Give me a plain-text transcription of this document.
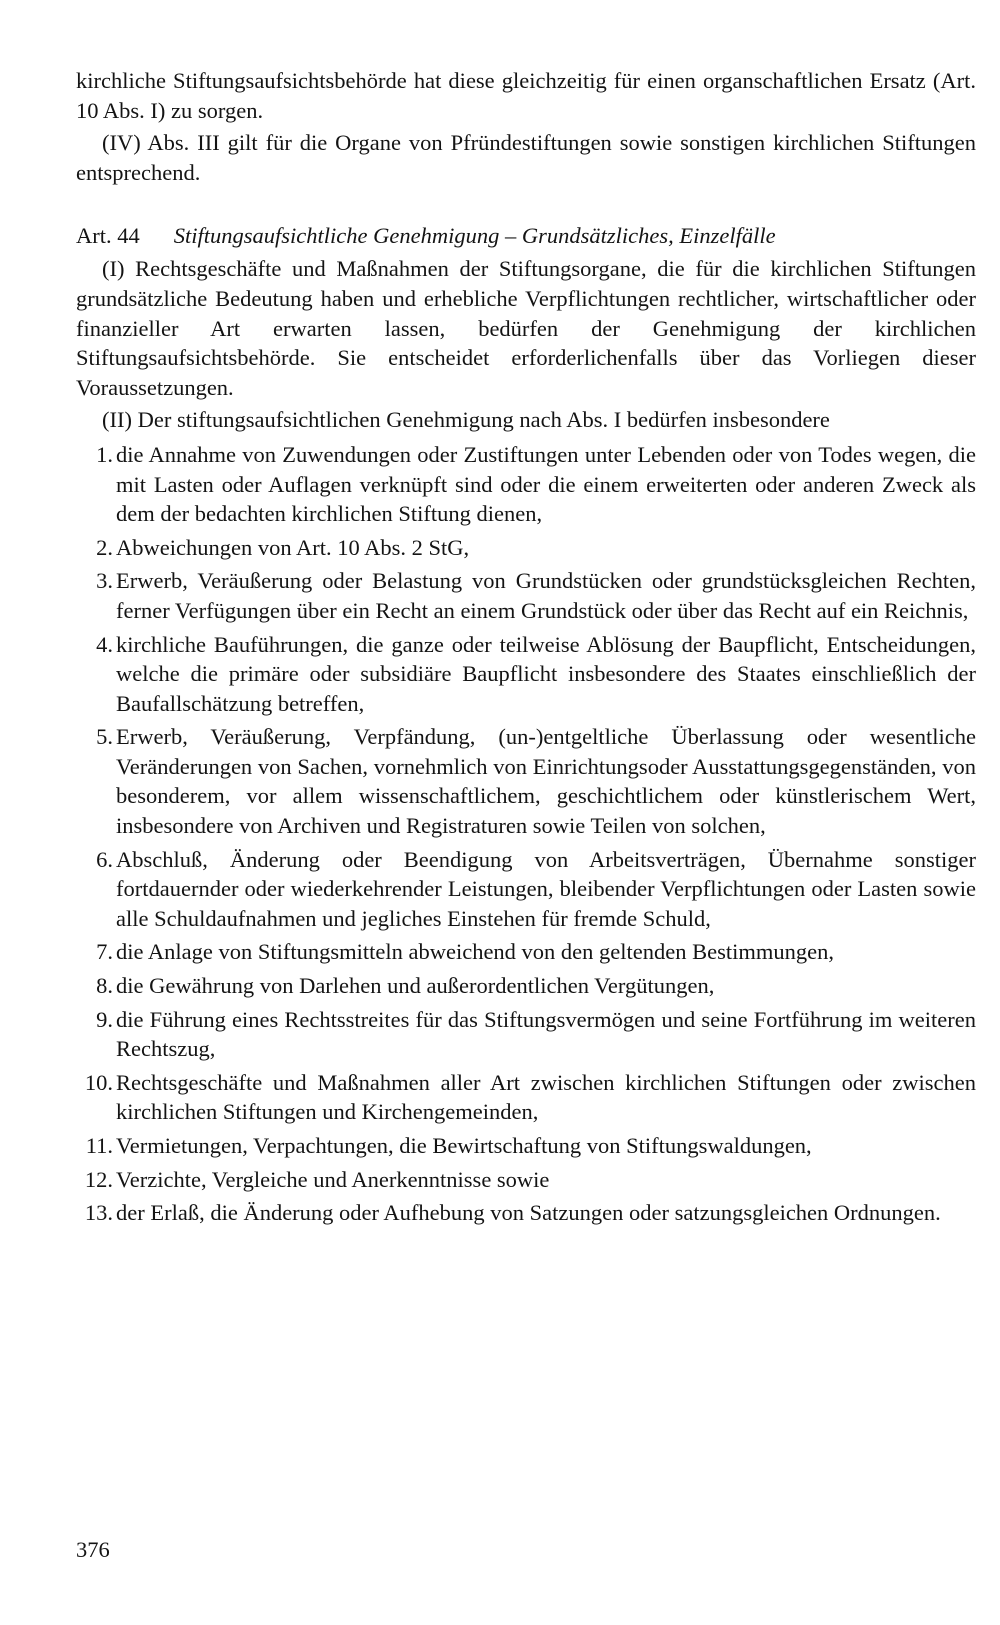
kirchliche Stiftungsaufsichtsbehörde hat diese gleichzeitig für einen organschaftlichen Ersatz (Art. 10 Abs. I) zu sorgen.

(IV) Abs. III gilt für die Organe von Pfründestiftungen sowie sonstigen kirchlichen Stiftungen entsprechend.

Art. 44 Stiftungsaufsichtliche Genehmigung – Grundsätzliches, Einzelfälle

(I) Rechtsgeschäfte und Maßnahmen der Stiftungsorgane, die für die kirchlichen Stiftungen grundsätzliche Bedeutung haben und erhebliche Verpflichtungen rechtlicher, wirtschaftlicher oder finanzieller Art erwarten lassen, bedürfen der Genehmigung der kirchlichen Stiftungsaufsichtsbehörde. Sie entscheidet erforderlichenfalls über das Vorliegen dieser Voraussetzungen.

(II) Der stiftungsaufsichtlichen Genehmigung nach Abs. I bedürfen insbesondere

1. die Annahme von Zuwendungen oder Zustiftungen unter Lebenden oder von Todes wegen, die mit Lasten oder Auflagen verknüpft sind oder die einem erweiterten oder anderen Zweck als dem der bedachten kirchlichen Stiftung dienen,
2. Abweichungen von Art. 10 Abs. 2 StG,
3. Erwerb, Veräußerung oder Belastung von Grundstücken oder grundstücksgleichen Rechten, ferner Verfügungen über ein Recht an einem Grundstück oder über das Recht auf ein Reichnis,
4. kirchliche Bauführungen, die ganze oder teilweise Ablösung der Baupflicht, Entscheidungen, welche die primäre oder subsidiäre Baupflicht insbesondere des Staates einschließlich der Baufallschätzung betreffen,
5. Erwerb, Veräußerung, Verpfändung, (un-)entgeltliche Überlassung oder wesentliche Veränderungen von Sachen, vornehmlich von Einrichtungsoder Ausstattungsgegenständen, von besonderem, vor allem wissenschaftlichem, geschichtlichem oder künstlerischem Wert, insbesondere von Archiven und Registraturen sowie Teilen von solchen,
6. Abschluß, Änderung oder Beendigung von Arbeitsverträgen, Übernahme sonstiger fortdauernder oder wiederkehrender Leistungen, bleibender Verpflichtungen oder Lasten sowie alle Schuldaufnahmen und jegliches Einstehen für fremde Schuld,
7. die Anlage von Stiftungsmitteln abweichend von den geltenden Bestimmungen,
8. die Gewährung von Darlehen und außerordentlichen Vergütungen,
9. die Führung eines Rechtsstreites für das Stiftungsvermögen und seine Fortführung im weiteren Rechtszug,
10. Rechtsgeschäfte und Maßnahmen aller Art zwischen kirchlichen Stiftungen oder zwischen kirchlichen Stiftungen und Kirchengemeinden,
11. Vermietungen, Verpachtungen, die Bewirtschaftung von Stiftungswaldungen,
12. Verzichte, Vergleiche und Anerkenntnisse sowie
13. der Erlaß, die Änderung oder Aufhebung von Satzungen oder satzungsgleichen Ordnungen.
376
